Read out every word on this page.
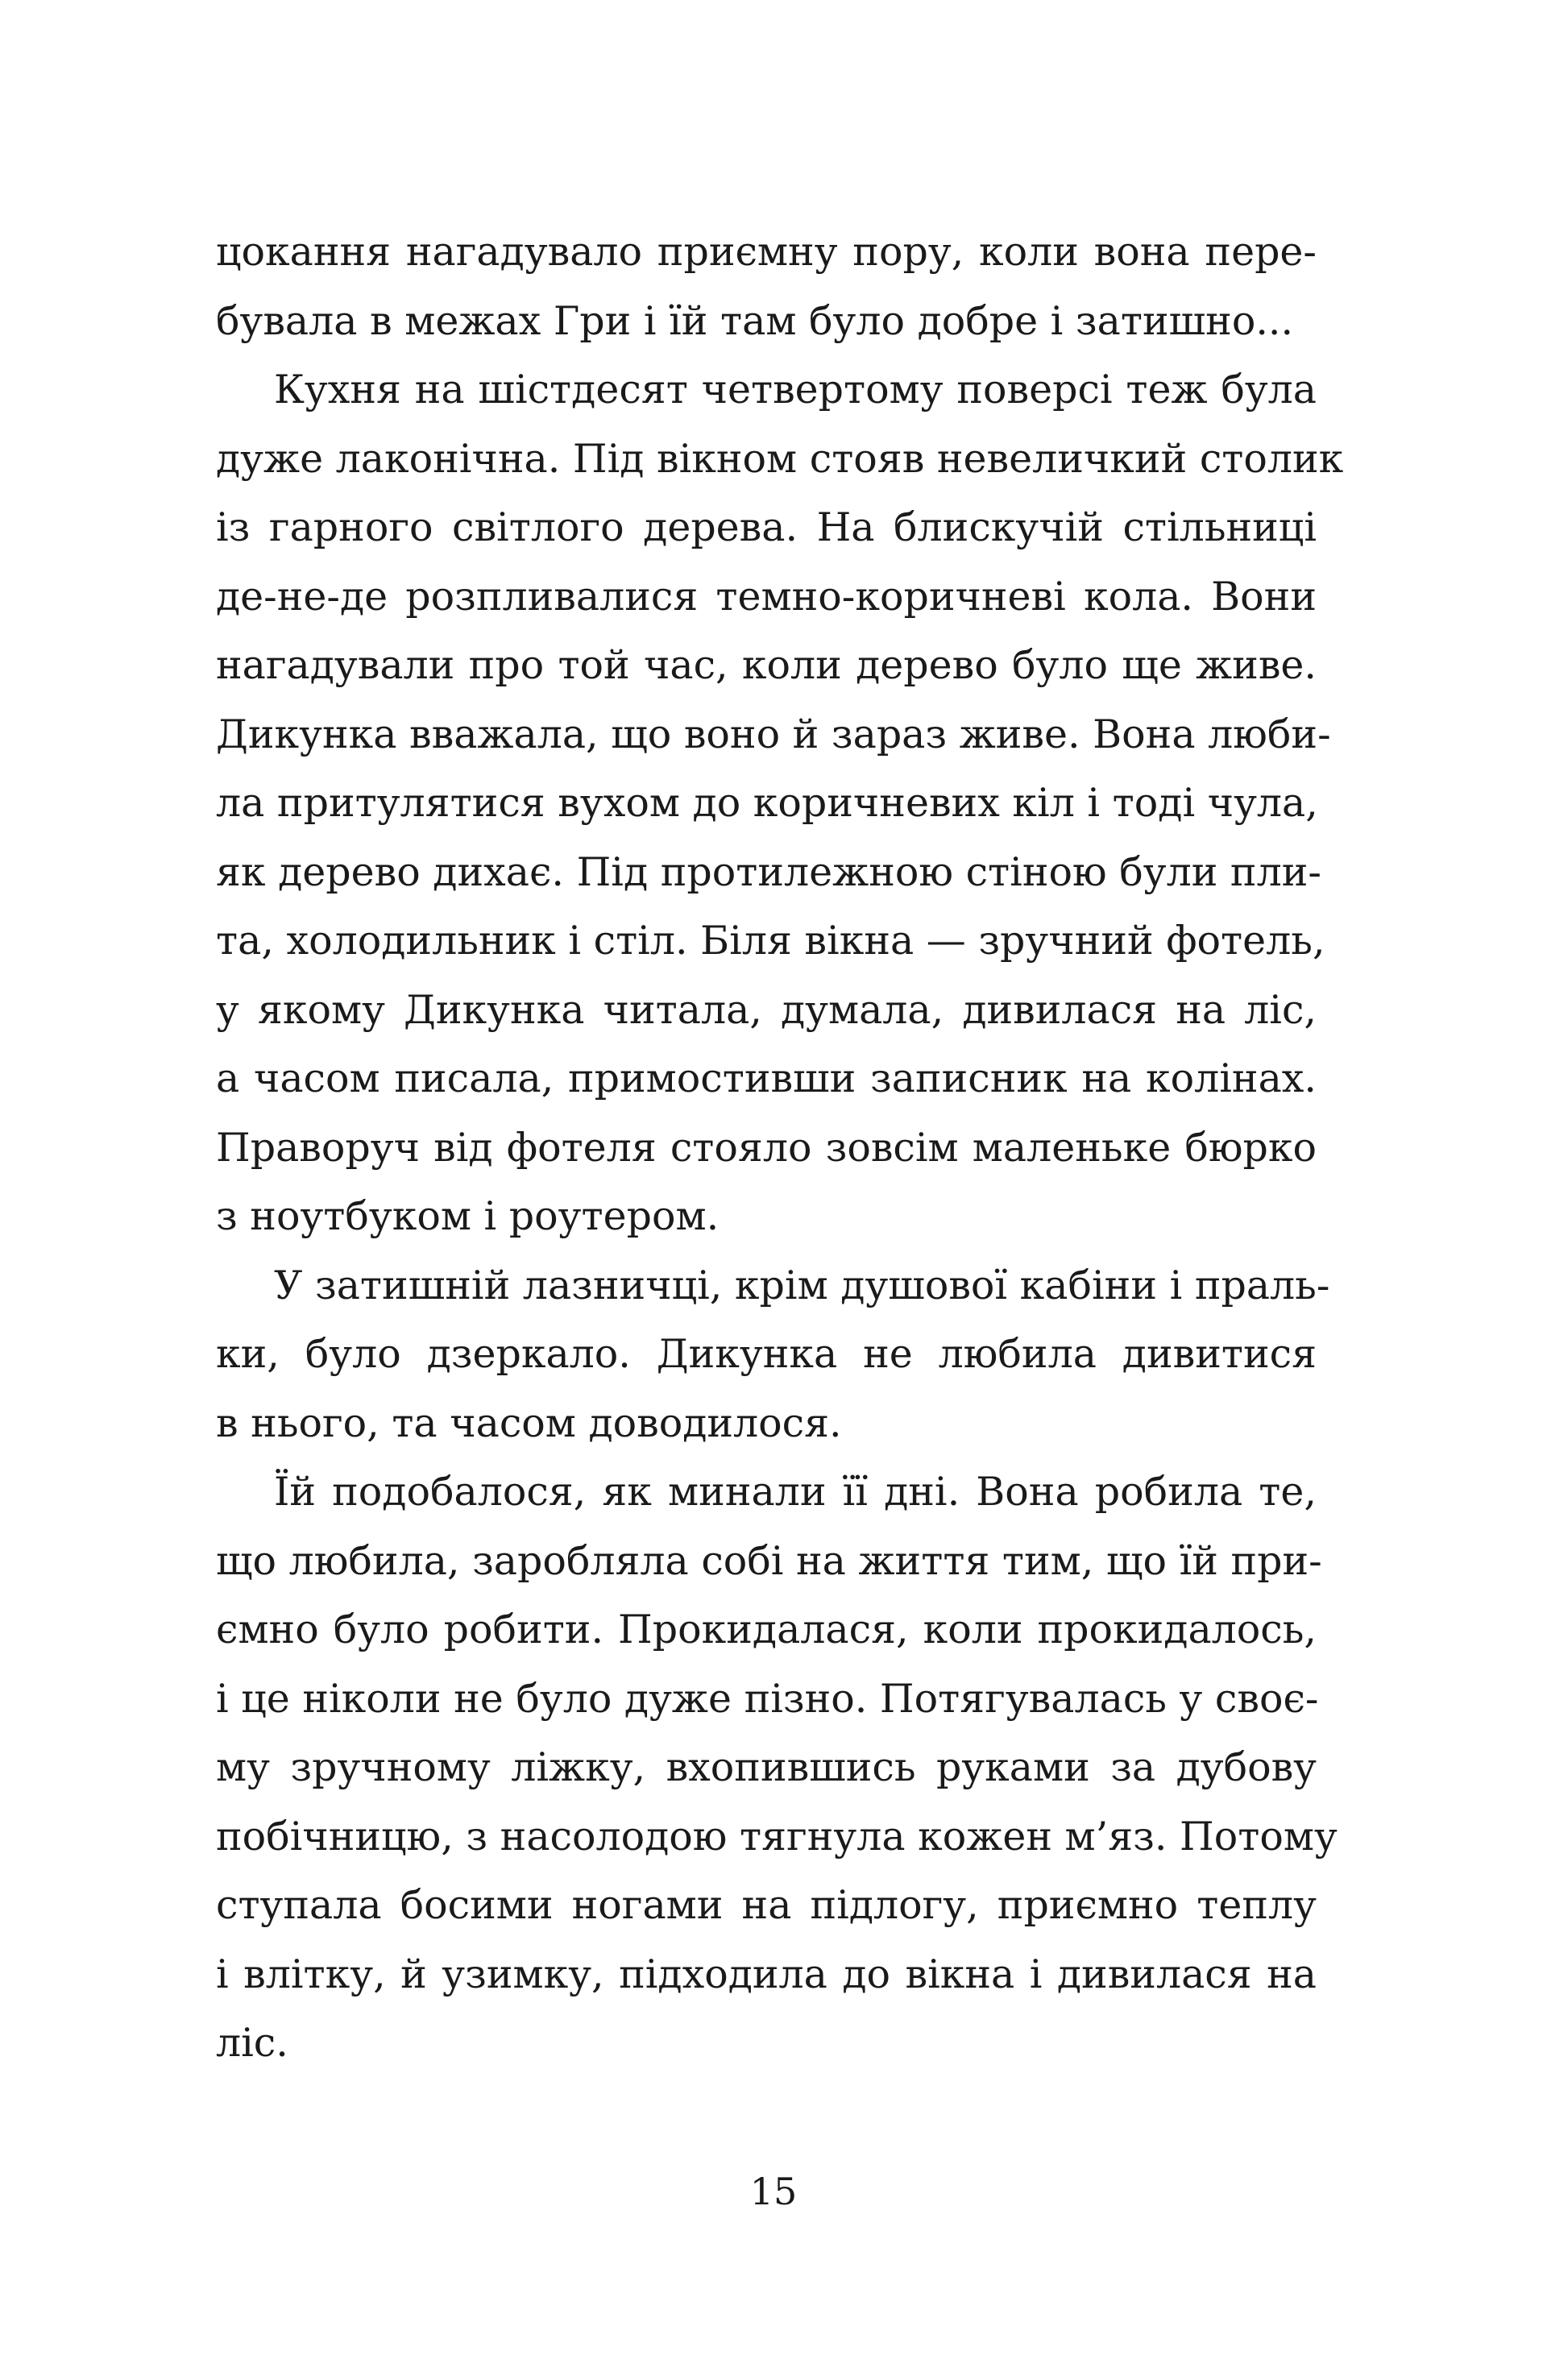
цокання нагадувало приємну пору, коли вона пере-
бувала в межах Гри і їй там було добре і затишно...
Кухня на шістдесят четвертому поверсі теж була
дуже лаконічна. Під вікном стояв невеличкий столик
із гарного світлого дерева. На блискучій стільниці
де-не-де розпливалися темно-коричневі кола. Вони
нагадували про той час, коли дерево було ще живе.
Дикунка вважала, що воно й зараз живе. Вона люби-
ла притулятися вухом до коричневих кіл і тоді чула,
як дерево дихає. Під протилежною стіною були пли-
та, холодильник і стіл. Біля вікна — зручний фотель,
у якому Дикунка читала, думала, дивилася на ліс,
а часом писала, примостивши записник на колінах.
Праворуч від фотеля стояло зовсім маленьке бюрко
з ноутбуком і роутером.
У затишній лазничці, крім душової кабіни і праль-
ки, було дзеркало. Дикунка не любила дивитися
в нього, та часом доводилося.
Їй подобалося, як минали її дні. Вона робила те,
що любила, заробляла собі на життя тим, що їй при-
ємно було робити. Прокидалася, коли прокидалось,
і це ніколи не було дуже пізно. Потягувалась у своє-
му зручному ліжку, вхопившись руками за дубову
побічницю, з насолодою тягнула кожен м’яз. Потому
ступала босими ногами на підлогу, приємно теплу
і влітку, й узимку, підходила до вікна і дивилася на
ліс.
15
